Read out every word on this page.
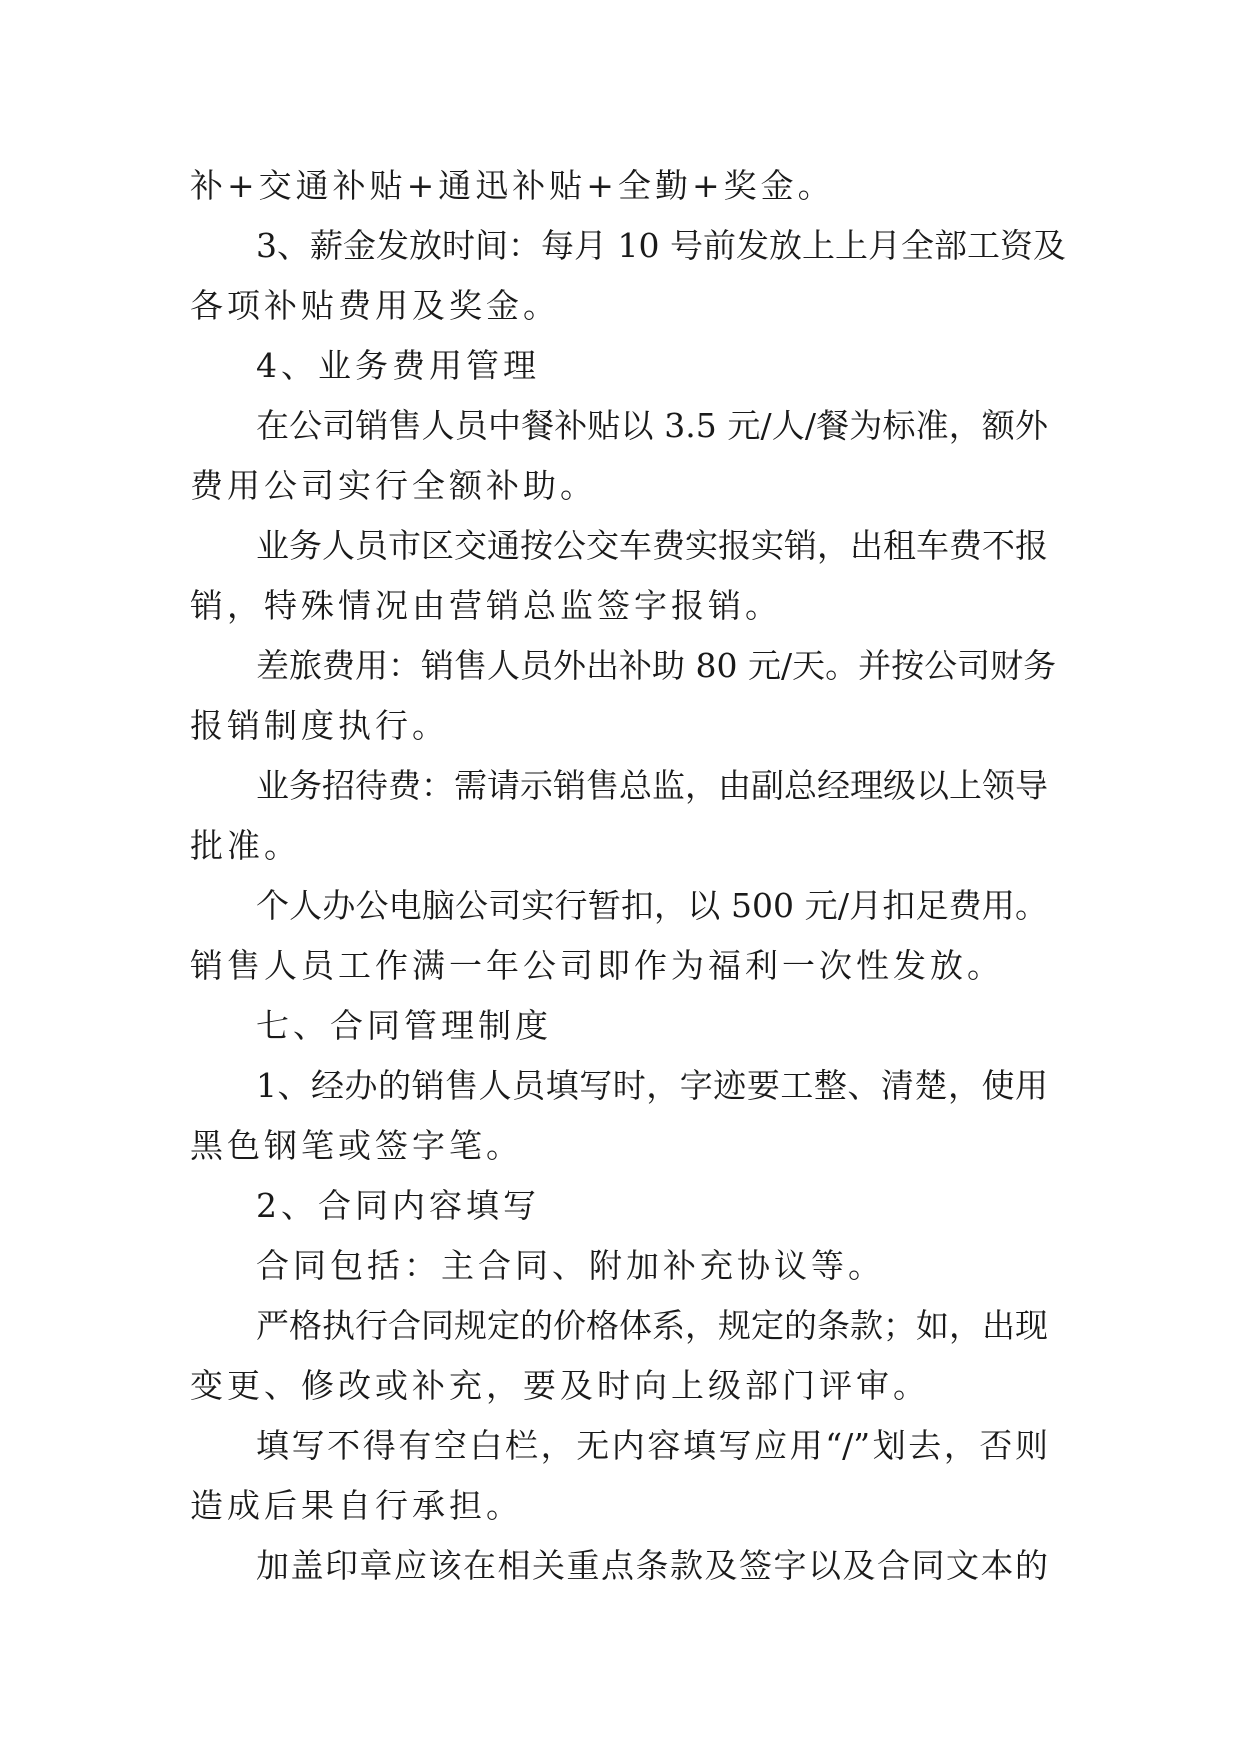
补+交通补贴+通迅补贴+全勤+奖金。
3、薪金发放时间：每月 10 号前发放上上月全部工资及
各项补贴费用及奖金。
4、业务费用管理
在公司销售人员中餐补贴以 3.5 元/人/餐为标准，额外
费用公司实行全额补助。
业务人员市区交通按公交车费实报实销，出租车费不报
销，特殊情况由营销总监签字报销。
差旅费用：销售人员外出补助 80 元/天。并按公司财务
报销制度执行。
业务招待费：需请示销售总监，由副总经理级以上领导
批准。
个人办公电脑公司实行暂扣，以 500 元/月扣足费用。
销售人员工作满一年公司即作为福利一次性发放。
七、合同管理制度
1、经办的销售人员填写时，字迹要工整、清楚，使用
黑色钢笔或签字笔。
2、合同内容填写
合同包括：主合同、附加补充协议等。
严格执行合同规定的价格体系，规定的条款；如，出现
变更、修改或补充，要及时向上级部门评审。
填写不得有空白栏，无内容填写应用“/”划去，否则
造成后果自行承担。
加盖印章应该在相关重点条款及签字以及合同文本的
